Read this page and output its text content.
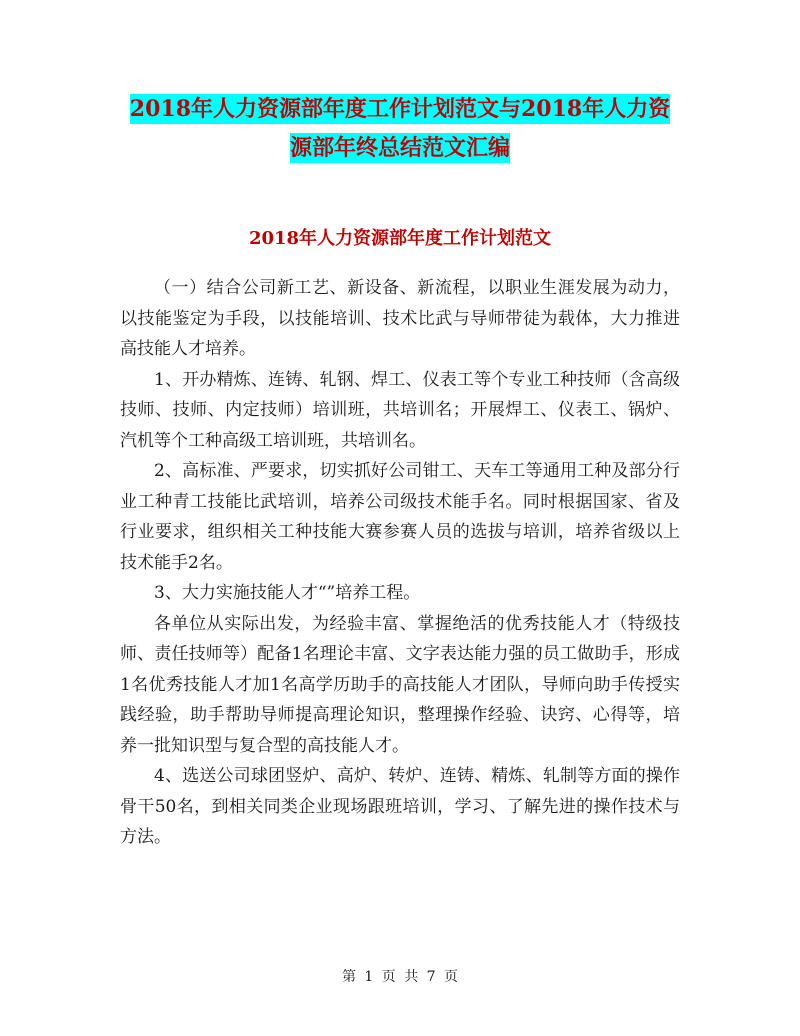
2018年人力资源部年度工作计划范文与2018年人力资
源部年终总结范文汇编
2018年人力资源部年度工作计划范文

（一）结合公司新工艺、新设备、新流程，以职业生涯发展为动力，以技能鉴定为手段，以技能培训、技术比武与导师带徒为载体，大力推进高技能人才培养。

1、开办精炼、连铸、轧钢、焊工、仪表工等个专业工种技师（含高级技师、技师、内定技师）培训班，共培训名；开展焊工、仪表工、锅炉、汽机等个工种高级工培训班，共培训名。

2、高标准、严要求，切实抓好公司钳工、天车工等通用工种及部分行业工种青工技能比武培训，培养公司级技术能手名。同时根据国家、省及行业要求，组织相关工种技能大赛参赛人员的选拔与培训，培养省级以上技术能手2名。

3、大力实施技能人才“”培养工程。

各单位从实际出发，为经验丰富、掌握绝活的优秀技能人才（特级技师、责任技师等）配备1名理论丰富、文字表达能力强的员工做助手，形成1名优秀技能人才加1名高学历助手的高技能人才团队，导师向助手传授实践经验，助手帮助导师提高理论知识，整理操作经验、诀窍、心得等，培养一批知识型与复合型的高技能人才。

4、选送公司球团竖炉、高炉、转炉、连铸、精炼、轧制等方面的操作骨干50名，到相关同类企业现场跟班培训，学习、了解先进的操作技术与方法。

第 1 页 共 7 页
